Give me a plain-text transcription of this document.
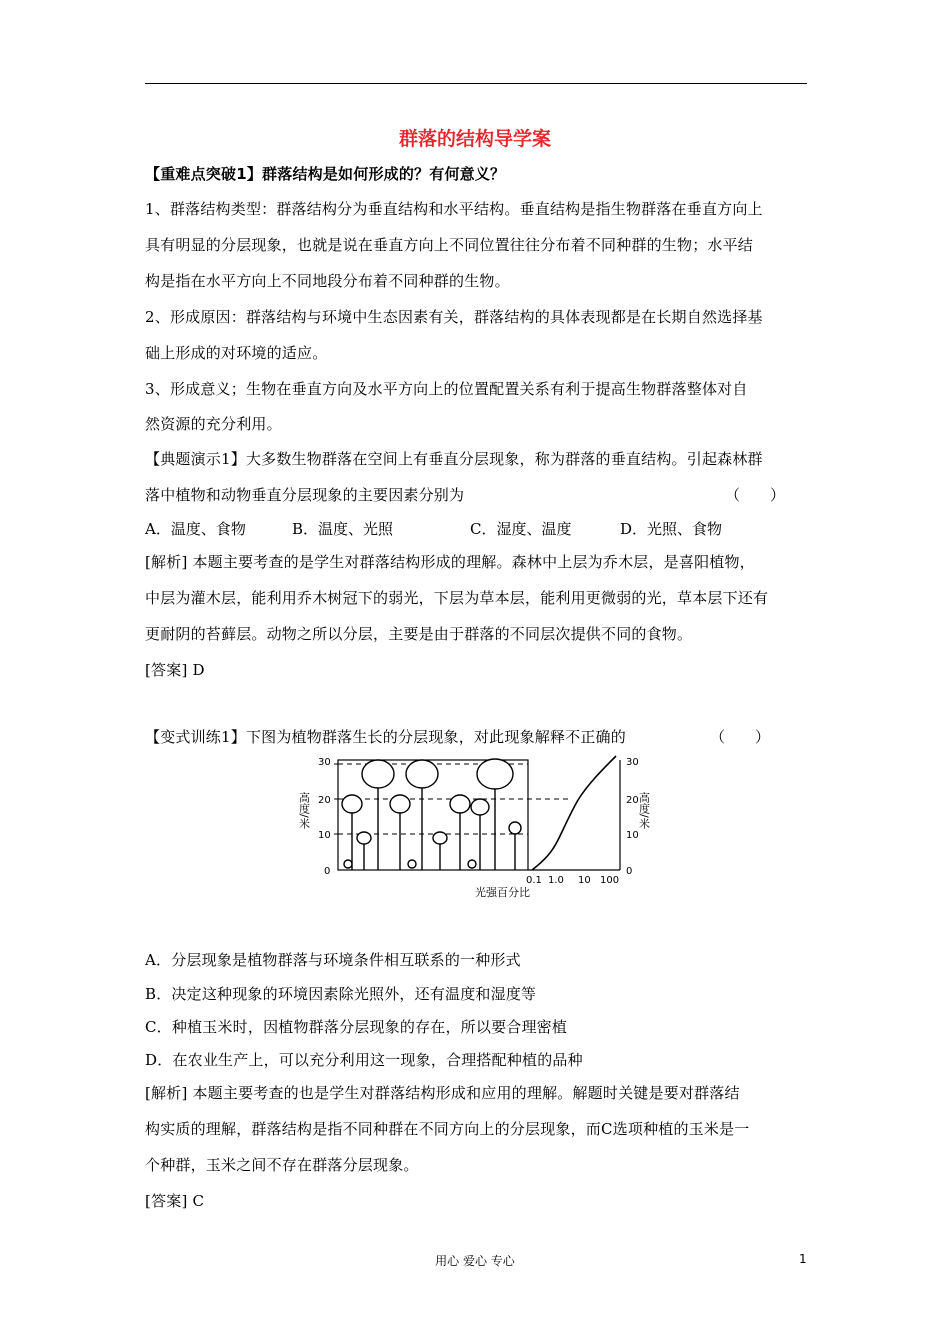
群落的结构导学案
【重难点突破1】群落结构是如何形成的？有何意义？
1、群落结构类型：群落结构分为垂直结构和水平结构。垂直结构是指生物群落在垂直方向上
具有明显的分层现象，也就是说在垂直方向上不同位置往往分布着不同种群的生物；水平结
构是指在水平方向上不同地段分布着不同种群的生物。
2、形成原因：群落结构与环境中生态因素有关，群落结构的具体表现都是在长期自然选择基
础上形成的对环境的适应。
3、形成意义；生物在垂直方向及水平方向上的位置配置关系有利于提高生物群落整体对自
然资源的充分利用。
【典题演示1】大多数生物群落在空间上有垂直分层现象，称为群落的垂直结构。引起森林群
落中植物和动物垂直分层现象的主要因素分别为	（　　）
A．温度、食物	B．温度、光照	C．湿度、温度	D．光照、食物
[解析] 本题主要考查的是学生对群落结构形成的理解。森林中上层为乔木层，是喜阳植物，
中层为灌木层，能利用乔木树冠下的弱光，下层为草本层，能利用更微弱的光，草本层下还有
更耐阴的苔藓层。动物之所以分层，主要是由于群落的不同层次提供不同的食物。
[答案] D
【变式训练1】下图为植物群落生长的分层现象，对此现象解释不正确的	（　　）
30
20
10
0
高度/米
30
20
10
0
高度/米
0.1 1.0 10 100
光强百分比
A．分层现象是植物群落与环境条件相互联系的一种形式
B．决定这种现象的环境因素除光照外，还有温度和湿度等
C．种植玉米时，因植物群落分层现象的存在，所以要合理密植
D．在农业生产上，可以充分利用这一现象，合理搭配种植的品种
[解析] 本题主要考查的也是学生对群落结构形成和应用的理解。解题时关键是要对群落结
构实质的理解，群落结构是指不同种群在不同方向上的分层现象，而C选项种植的玉米是一
个种群，玉米之间不存在群落分层现象。
[答案] C
用心 爱心 专心	1
